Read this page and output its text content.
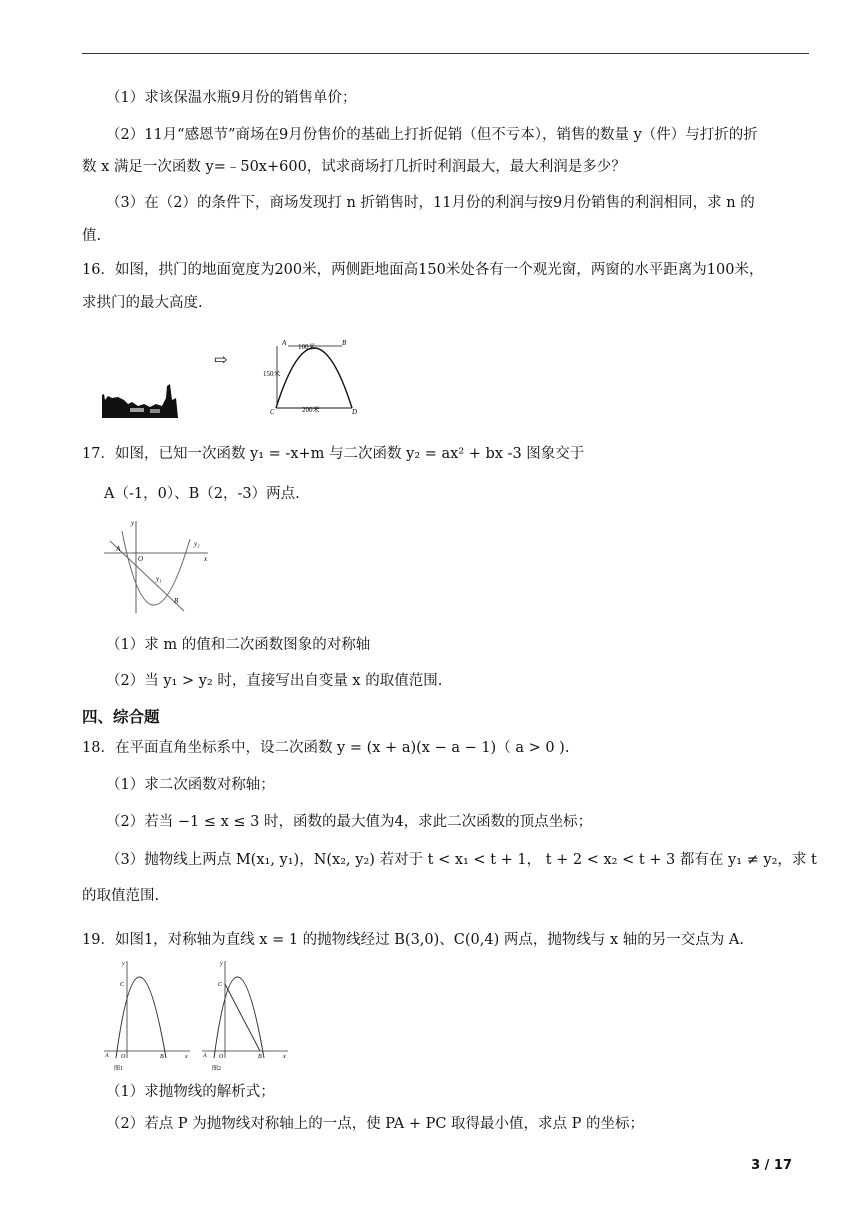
（1）求该保温水瓶9月份的销售单价；
（2）11月“感恩节”商场在9月份售价的基础上打折促销（但不亏本），销售的数量 y（件）与打折的折
数 x 满足一次函数 y=﹣50x+600，试求商场打几折时利润最大，最大利润是多少？
（3）在（2）的条件下，商场发现打 n 折销售时，11月份的利润与按9月份销售的利润相同，求 n 的
值.
16．如图，拱门的地面宽度为200米，两侧距地面高150米处各有一个观光窗，两窗的水平距离为100米，
求拱门的最大高度.
⇨
100米
150米
200米
A	B
C	D
17．如图，已知一次函数 y₁ = -x+m 与二次函数 y₂ = ax² + bx -3 图象交于
A（-1，0）、B（2，-3）两点.
y
x
O
A
B
y₁
y₂
（1）求 m 的值和二次函数图象的对称轴
（2）当 y₁ > y₂ 时，直接写出自变量 x 的取值范围.
四、综合题
18．在平面直角坐标系中，设二次函数 y = (x + a)(x − a − 1)（ a > 0 ).
（1）求二次函数对称轴；
（2）若当 −1 ≤ x ≤ 3 时，函数的最大值为4，求此二次函数的顶点坐标；
（3）抛物线上两点 M(x₁, y₁)，N(x₂, y₂) 若对于 t < x₁ < t + 1， t + 2 < x₂ < t + 3 都有在 y₁ ≠ y₂，求 t
的取值范围.
19．如图1，对称轴为直线 x = 1 的抛物线经过 B(3,0)、C(0,4) 两点，抛物线与 x 轴的另一交点为 A.
y
x
O
A	B
C
图1
y
x
O
A	B
C
图2
（1）求抛物线的解析式；
（2）若点 P 为抛物线对称轴上的一点，使 PA + PC 取得最小值，求点 P 的坐标；
3 / 17
